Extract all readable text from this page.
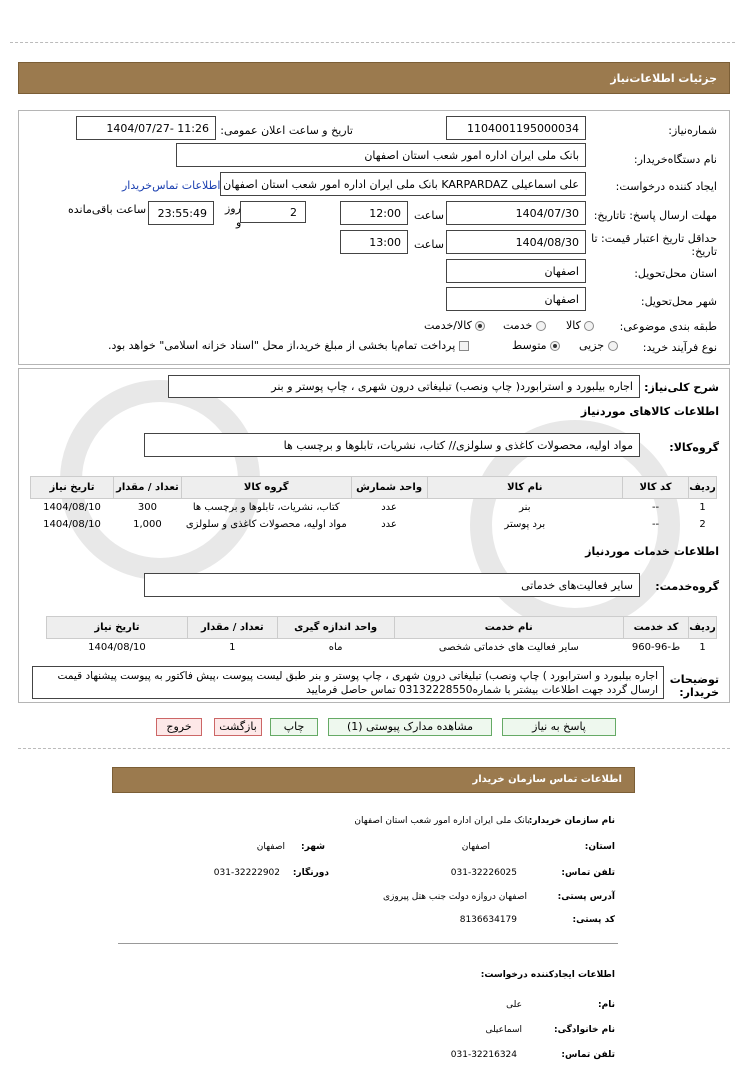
جزئیات اطلاعات‌نیاز
شماره‌نیاز:
1104001195000034
تاریخ و ساعت اعلان عمومی:
1404/07/27- 11:26
نام دستگاه‌خریدار:
بانک ملی ایران اداره امور شعب استان اصفهان
ایجاد کننده درخواست:
علی اسماعیلی KARPARDAZ بانک ملی ایران اداره امور شعب استان اصفهان
اطلاعات تماس‌خریدار
مهلت ارسال پاسخ: تاتاریخ:
1404/07/30
ساعت
12:00
2
روز
و
23:55:49
ساعت باقی‌مانده
حداقل تاریخ اعتبار قیمت: تا تاریخ:
1404/08/30
ساعت
13:00
استان محل‌تحویل:
اصفهان
شهر محل‌تحویل:
اصفهان
طبقه بندی موضوعی:
کالا
خدمت
کالا/خدمت
نوع فرآیند خرید:
جزیی
متوسط
پرداخت تمام‌یا بخشی از مبلغ خرید،از محل "اسناد خزانه اسلامی" خواهد بود.
شرح کلی‌نیاز:
اجاره بیلبورد و استرابورد( چاپ ونصب) تبلیغاتی درون شهری ، چاپ پوستر و بنر
اطلاعات کالاهای موردنیاز
گروه‌کالا:
مواد اولیه، محصولات کاغذی و سلولزی// کتاب، نشریات، تابلوها و برچسب ها
ردیف	کد کالا	نام کالا	واحد شمارش	گروه کالا	تعداد / مقدار	تاریخ نیاز
1	--	بنر	عدد	کتاب، نشریات، تابلوها و برچسب ها	300	1404/08/10
2	--	برد پوستر	عدد	مواد اولیه، محصولات کاغذی و سلولزی	1,000	1404/08/10
اطلاعات خدمات موردنیاز
گروه‌خدمت:
سایر فعالیت‌های خدماتی
ردیف	کد خدمت	نام خدمت	واحد اندازه گیری	تعداد / مقدار	تاریخ نیاز
1	ط-96-960	سایر فعالیت های خدماتی شخصی	ماه	1	1404/08/10
توضیحات خریدار:
اجاره بیلبورد و استرابورد ) چاپ ونصب) تبلیغاتی درون شهری ، چاپ پوستر و بنر طبق لیست پیوست ،پیش فاکتور به پیوست پیشنهاد قیمت ارسال گردد جهت اطلاعات بیشتر با شماره03132228550 تماس حاصل فرمایید
پاسخ به نیاز
مشاهده مدارک پیوستی (1)
چاپ
بازگشت
خروج
اطلاعات تماس سازمان خریدار
نام سازمان خریدار:
بانک ملی ایران اداره امور شعب استان اصفهان
استان:
اصفهان
شهر:
اصفهان
تلفن تماس:
031-32226025
دورنگار:
031-32222902
آدرس پستی:
اصفهان دروازه دولت جنب هتل پیروزی
کد پستی:
8136634179
اطلاعات ایجادکننده درخواست:
نام:
علی
نام خانوادگی:
اسماعیلی
تلفن تماس:
031-32216324
